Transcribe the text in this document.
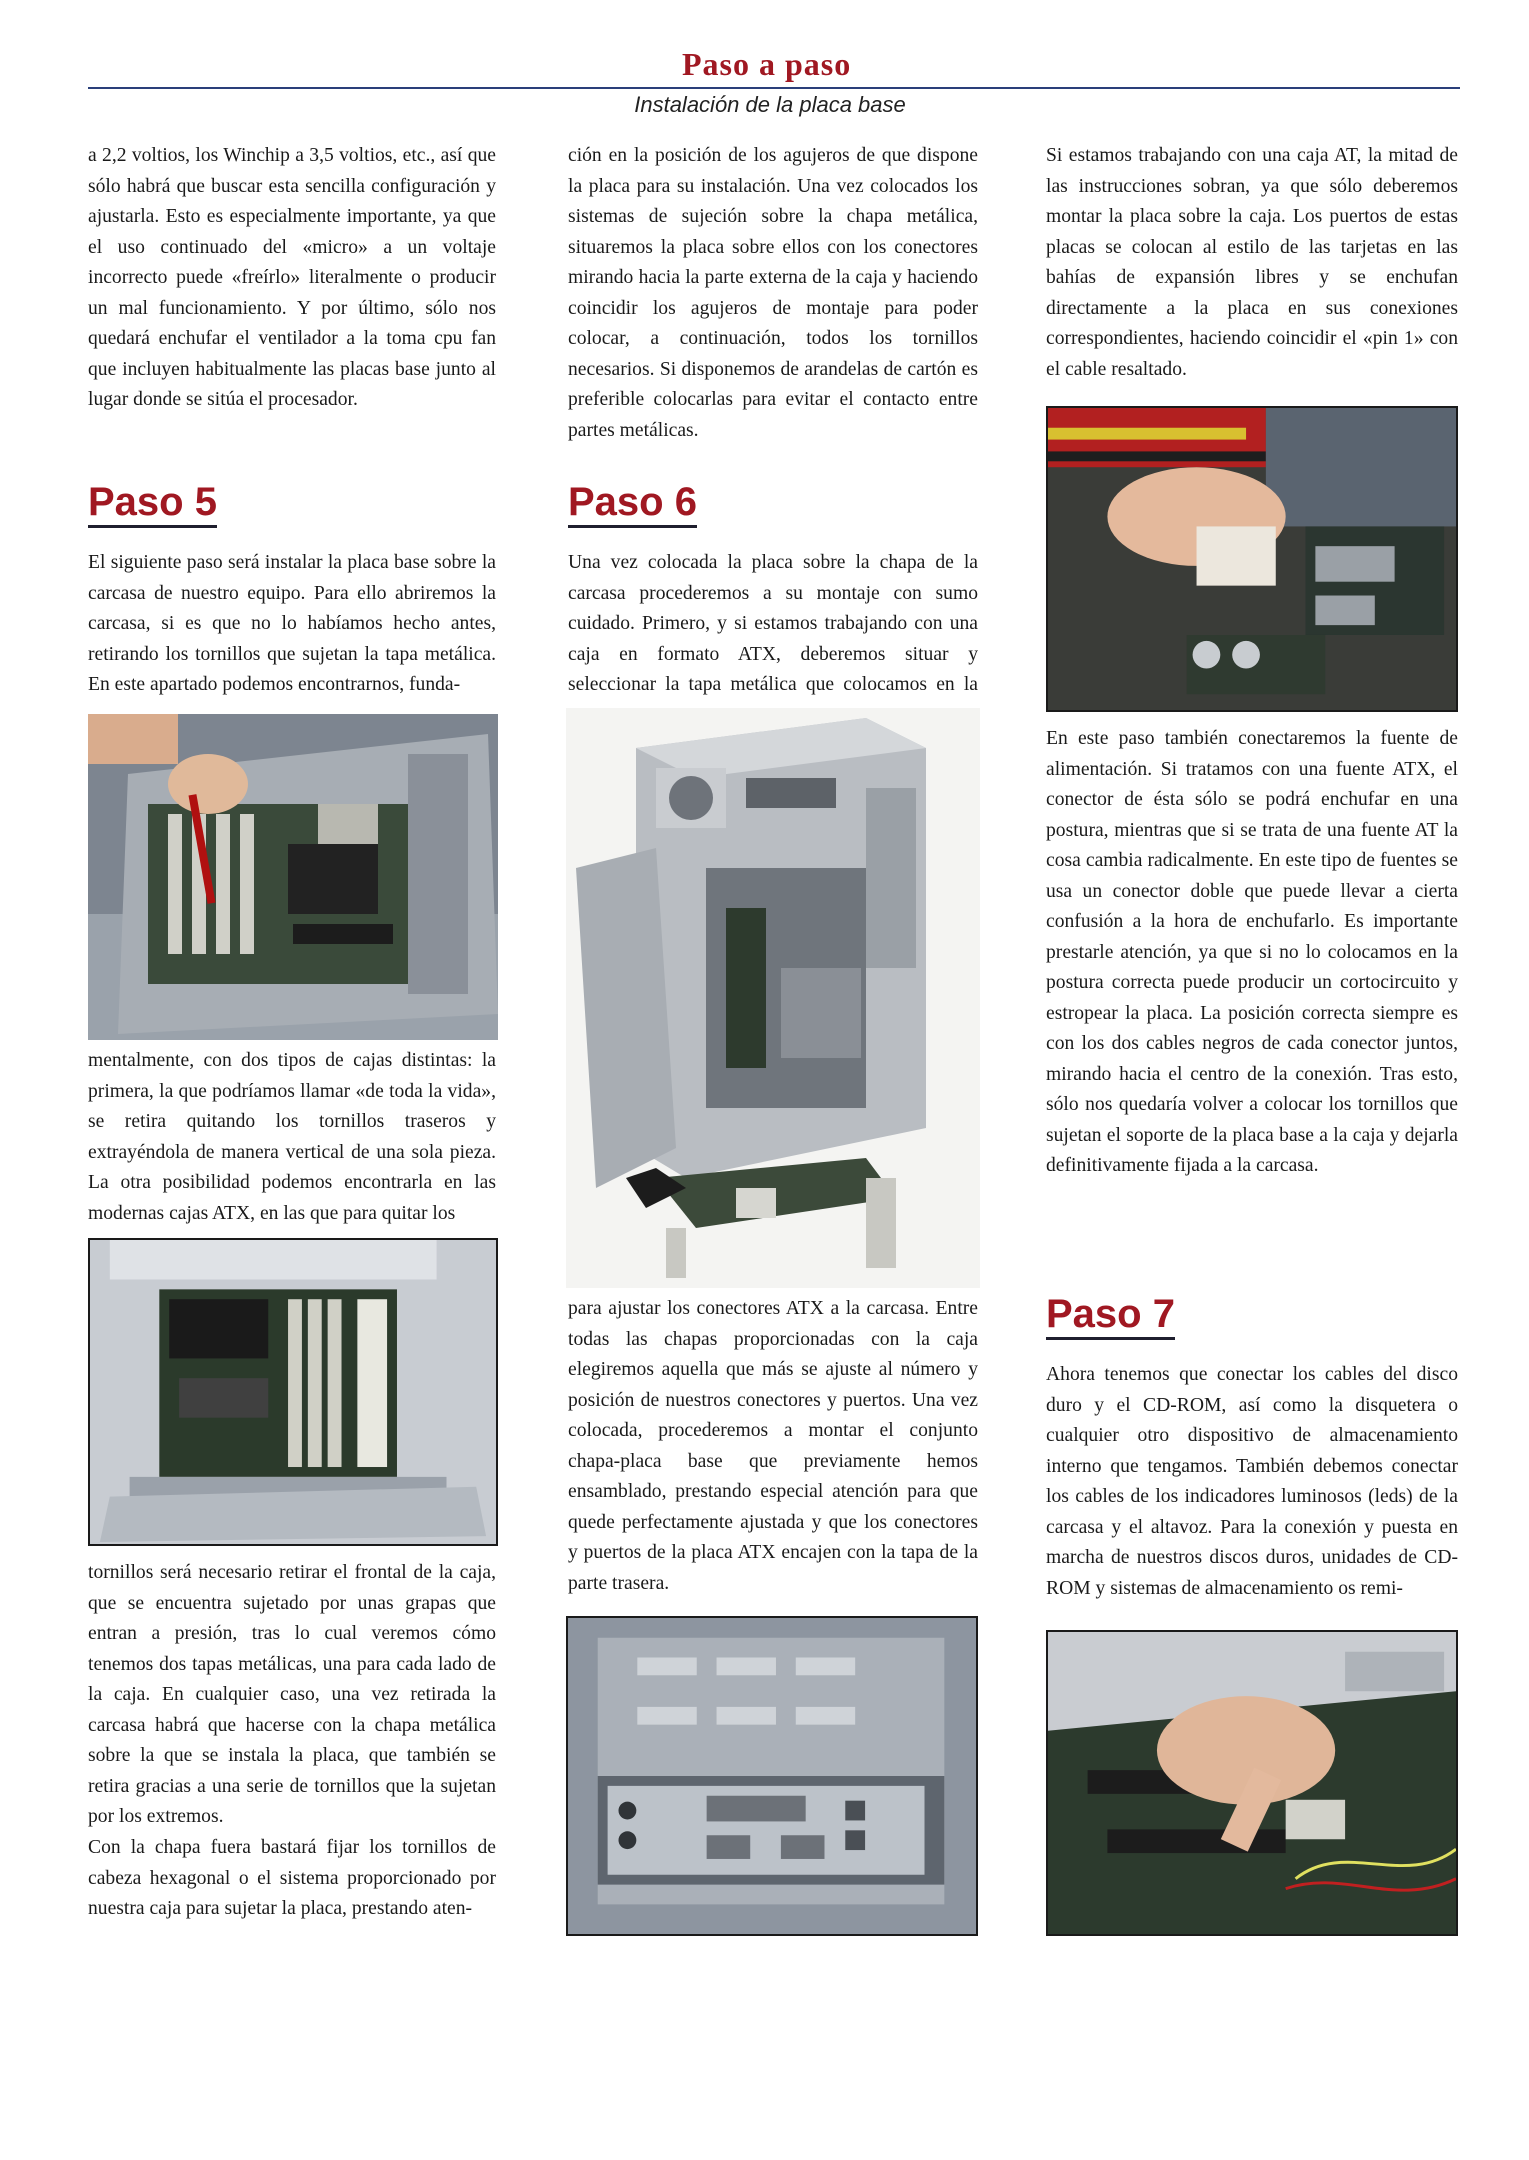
Paso a paso
Instalación de la placa base

a 2,2 voltios, los Winchip a 3,5 voltios, etc., así que sólo habrá que buscar esta sencilla configuración y ajustarla. Esto es especialmente importante, ya que el uso continuado del «micro» a un voltaje incorrecto puede «freírlo» literalmente o producir un mal funcionamiento. Y por último, sólo nos quedará enchufar el ventilador a la toma cpu fan que incluyen habitualmente las placas base junto al lugar donde se sitúa el procesador.

Paso 5

El siguiente paso será instalar la placa base sobre la carcasa de nuestro equipo. Para ello abriremos la carcasa, si es que no lo habíamos hecho antes, retirando los tornillos que sujetan la tapa metálica. En este apartado podemos encontrarnos, funda-

mentalmente, con dos tipos de cajas distintas: la primera, la que podríamos llamar «de toda la vida», se retira quitando los tornillos traseros y extrayéndola de manera vertical de una sola pieza. La otra posibilidad podemos encontrarla en las modernas cajas ATX, en las que para quitar los

tornillos será necesario retirar el frontal de la caja, que se encuentra sujetado por unas grapas que entran a presión, tras lo cual veremos cómo tenemos dos tapas metálicas, una para cada lado de la caja. En cualquier caso, una vez retirada la carcasa habrá que hacerse con la chapa metálica sobre la que se instala la placa, que también se retira gracias a una serie de tornillos que la sujetan por los extremos.

Con la chapa fuera bastará fijar los tornillos de cabeza hexagonal o el sistema proporcionado por nuestra caja para sujetar la placa, prestando aten-

ción en la posición de los agujeros de que dispone la placa para su instalación. Una vez colocados los sistemas de sujeción sobre la chapa metálica, situaremos la placa sobre ellos con los conectores mirando hacia la parte externa de la caja y haciendo coincidir los agujeros de montaje para poder colocar, a continuación, todos los tornillos necesarios. Si disponemos de arandelas de cartón es preferible colocarlas para evitar el contacto entre partes metálicas.

Paso 6

Una vez colocada la placa sobre la chapa de la carcasa procederemos a su montaje con sumo cuidado. Primero, y si estamos trabajando con una caja en formato ATX, deberemos situar y seleccionar la tapa metálica que colocamos en la

para ajustar los conectores ATX a la carcasa. Entre todas las chapas proporcionadas con la caja elegiremos aquella que más se ajuste al número y posición de nuestros conectores y puertos. Una vez colocada, procederemos a montar el conjunto chapa-placa base que previamente hemos ensamblado, prestando especial atención para que quede perfectamente ajustada y que los conectores y puertos de la placa ATX encajen con la tapa de la parte trasera.

Si estamos trabajando con una caja AT, la mitad de las instrucciones sobran, ya que sólo deberemos montar la placa sobre la caja. Los puertos de estas placas se colocan al estilo de las tarjetas en las bahías de expansión libres y se enchufan directamente a la placa en sus conexiones correspondientes, haciendo coincidir el «pin 1» con el cable resaltado.

En este paso también conectaremos la fuente de alimentación. Si tratamos con una fuente ATX, el conector de ésta sólo se podrá enchufar en una postura, mientras que si se trata de una fuente AT la cosa cambia radicalmente. En este tipo de fuentes se usa un conector doble que puede llevar a cierta confusión a la hora de enchufarlo. Es importante prestarle atención, ya que si no lo colocamos en la postura correcta puede producir un cortocircuito y estropear la placa. La posición correcta siempre es con los dos cables negros de cada conector juntos, mirando hacia el centro de la conexión. Tras esto, sólo nos quedaría volver a colocar los tornillos que sujetan el soporte de la placa base a la caja y dejarla definitivamente fijada a la carcasa.

Paso 7

Ahora tenemos que conectar los cables del disco duro y el CD-ROM, así como la disquetera o cualquier otro dispositivo de almacenamiento interno que tengamos. También debemos conectar los cables de los indicadores luminosos (leds) de la carcasa y el altavoz. Para la conexión y puesta en marcha de nuestros discos duros, unidades de CD-ROM y sistemas de almacenamiento os remi-
